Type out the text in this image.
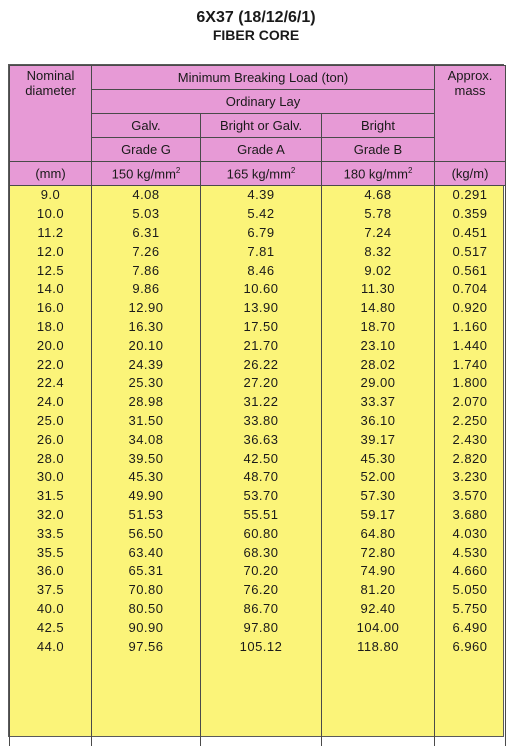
6X37 (18/12/6/1)
FIBER CORE
Nominal
diameter	Minimum Breaking Load (ton)			Approx.
mass
	Ordinary Lay			
	Galv.	Bright or Galv.	Bright	
	Grade G	Grade A	Grade B	
(mm)	150 $kg/mm^2$	165 $kg/mm^2$	180 $kg/mm^2$	(kg/m)
9.0	4.08	4.39	4.68	0.291
10.0	5.03	5.42	5.78	0.359
11.2	6.31	6.79	7.24	0.451
12.0	7.26	7.81	8.32	0.517
12.5	7.86	8.46	9.02	0.561
14.0	9.86	10.60	11.30	0.704
16.0	12.90	13.90	14.80	0.920
18.0	16.30	17.50	18.70	1.160
20.0	20.10	21.70	23.10	1.440
22.0	24.39	26.22	28.02	1.740
22.4	25.30	27.20	29.00	1.800
24.0	28.98	31.22	33.37	2.070
25.0	31.50	33.80	36.10	2.250
26.0	34.08	36.63	39.17	2.430
28.0	39.50	42.50	45.30	2.820
30.0	45.30	48.70	52.00	3.230
31.5	49.90	53.70	57.30	3.570
32.0	51.53	55.51	59.17	3.680
33.5	56.50	60.80	64.80	4.030
35.5	63.40	68.30	72.80	4.530
36.0	65.31	70.20	74.90	4.660
37.5	70.80	76.20	81.20	5.050
40.0	80.50	86.70	92.40	5.750
42.5	90.90	97.80	104.00	6.490
44.0	97.56	105.12	118.80	6.960
